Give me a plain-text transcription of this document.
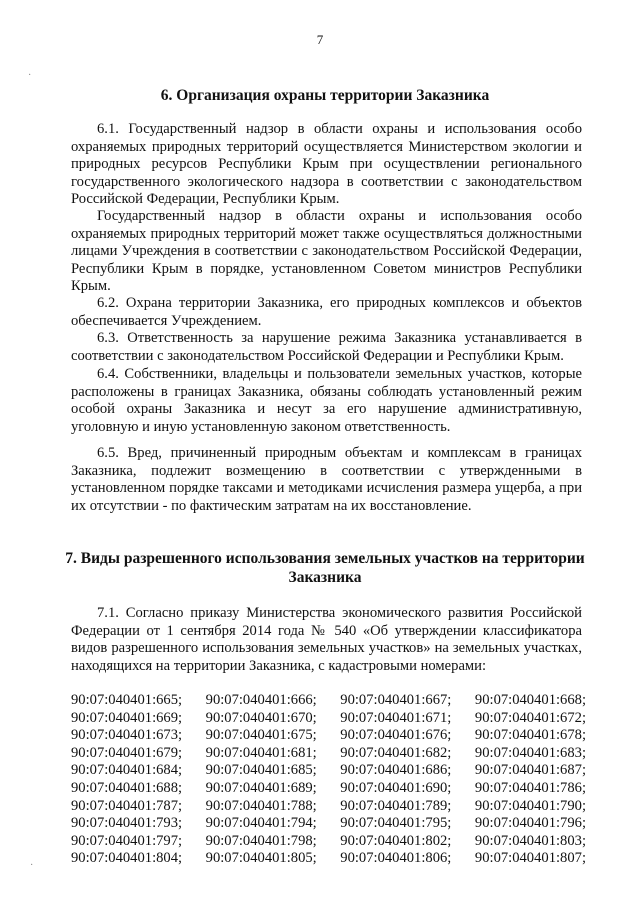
7
6. Организация охраны территории Заказника

6.1. Государственный надзор в области охраны и использования особо охраняемых природных территорий осуществляется Министерством экологии и природных ресурсов Республики Крым при осуществлении регионального государственного экологического надзора в соответствии с законодательством Российской Федерации, Республики Крым.

Государственный надзор в области охраны и использования особо охраняемых природных территорий может также осуществляться должностными лицами Учреждения в соответствии с законодательством Российской Федерации, Республики Крым в порядке, установленном Советом министров Республики Крым.

6.2. Охрана территории Заказника, его природных комплексов и объектов обеспечивается Учреждением.

6.3. Ответственность за нарушение режима Заказника устанавливается в соответствии с законодательством Российской Федерации и Республики Крым.

6.4. Собственники, владельцы и пользователи земельных участков, которые расположены в границах Заказника, обязаны соблюдать установленный режим особой охраны Заказника и несут за его нарушение административную, уголовную и иную установленную законом ответственность.

6.5. Вред, причиненный природным объектам и комплексам в границах Заказника, подлежит возмещению в соответствии с утвержденными в установленном порядке таксами и методиками исчисления размера ущерба, а при их отсутствии - по фактическим затратам на их восстановление.

7. Виды разрешенного использования земельных участков на территории
Заказника

7.1. Согласно приказу Министерства экономического развития Российской Федерации от 1 сентября 2014 года № 540 «Об утверждении классификатора видов разрешенного использования земельных участков» на земельных участках, находящихся на территории Заказника, с кадастровыми номерами:

90:07:040401:665; 90:07:040401:666; 90:07:040401:667; 90:07:040401:668;
90:07:040401:669; 90:07:040401:670; 90:07:040401:671; 90:07:040401:672;
90:07:040401:673; 90:07:040401:675; 90:07:040401:676; 90:07:040401:678;
90:07:040401:679; 90:07:040401:681; 90:07:040401:682; 90:07:040401:683;
90:07:040401:684; 90:07:040401:685; 90:07:040401:686; 90:07:040401:687;
90:07:040401:688; 90:07:040401:689; 90:07:040401:690; 90:07:040401:786;
90:07:040401:787; 90:07:040401:788; 90:07:040401:789; 90:07:040401:790;
90:07:040401:793; 90:07:040401:794; 90:07:040401:795; 90:07:040401:796;
90:07:040401:797; 90:07:040401:798; 90:07:040401:802; 90:07:040401:803;
90:07:040401:804; 90:07:040401:805; 90:07:040401:806; 90:07:040401:807;
·
·
